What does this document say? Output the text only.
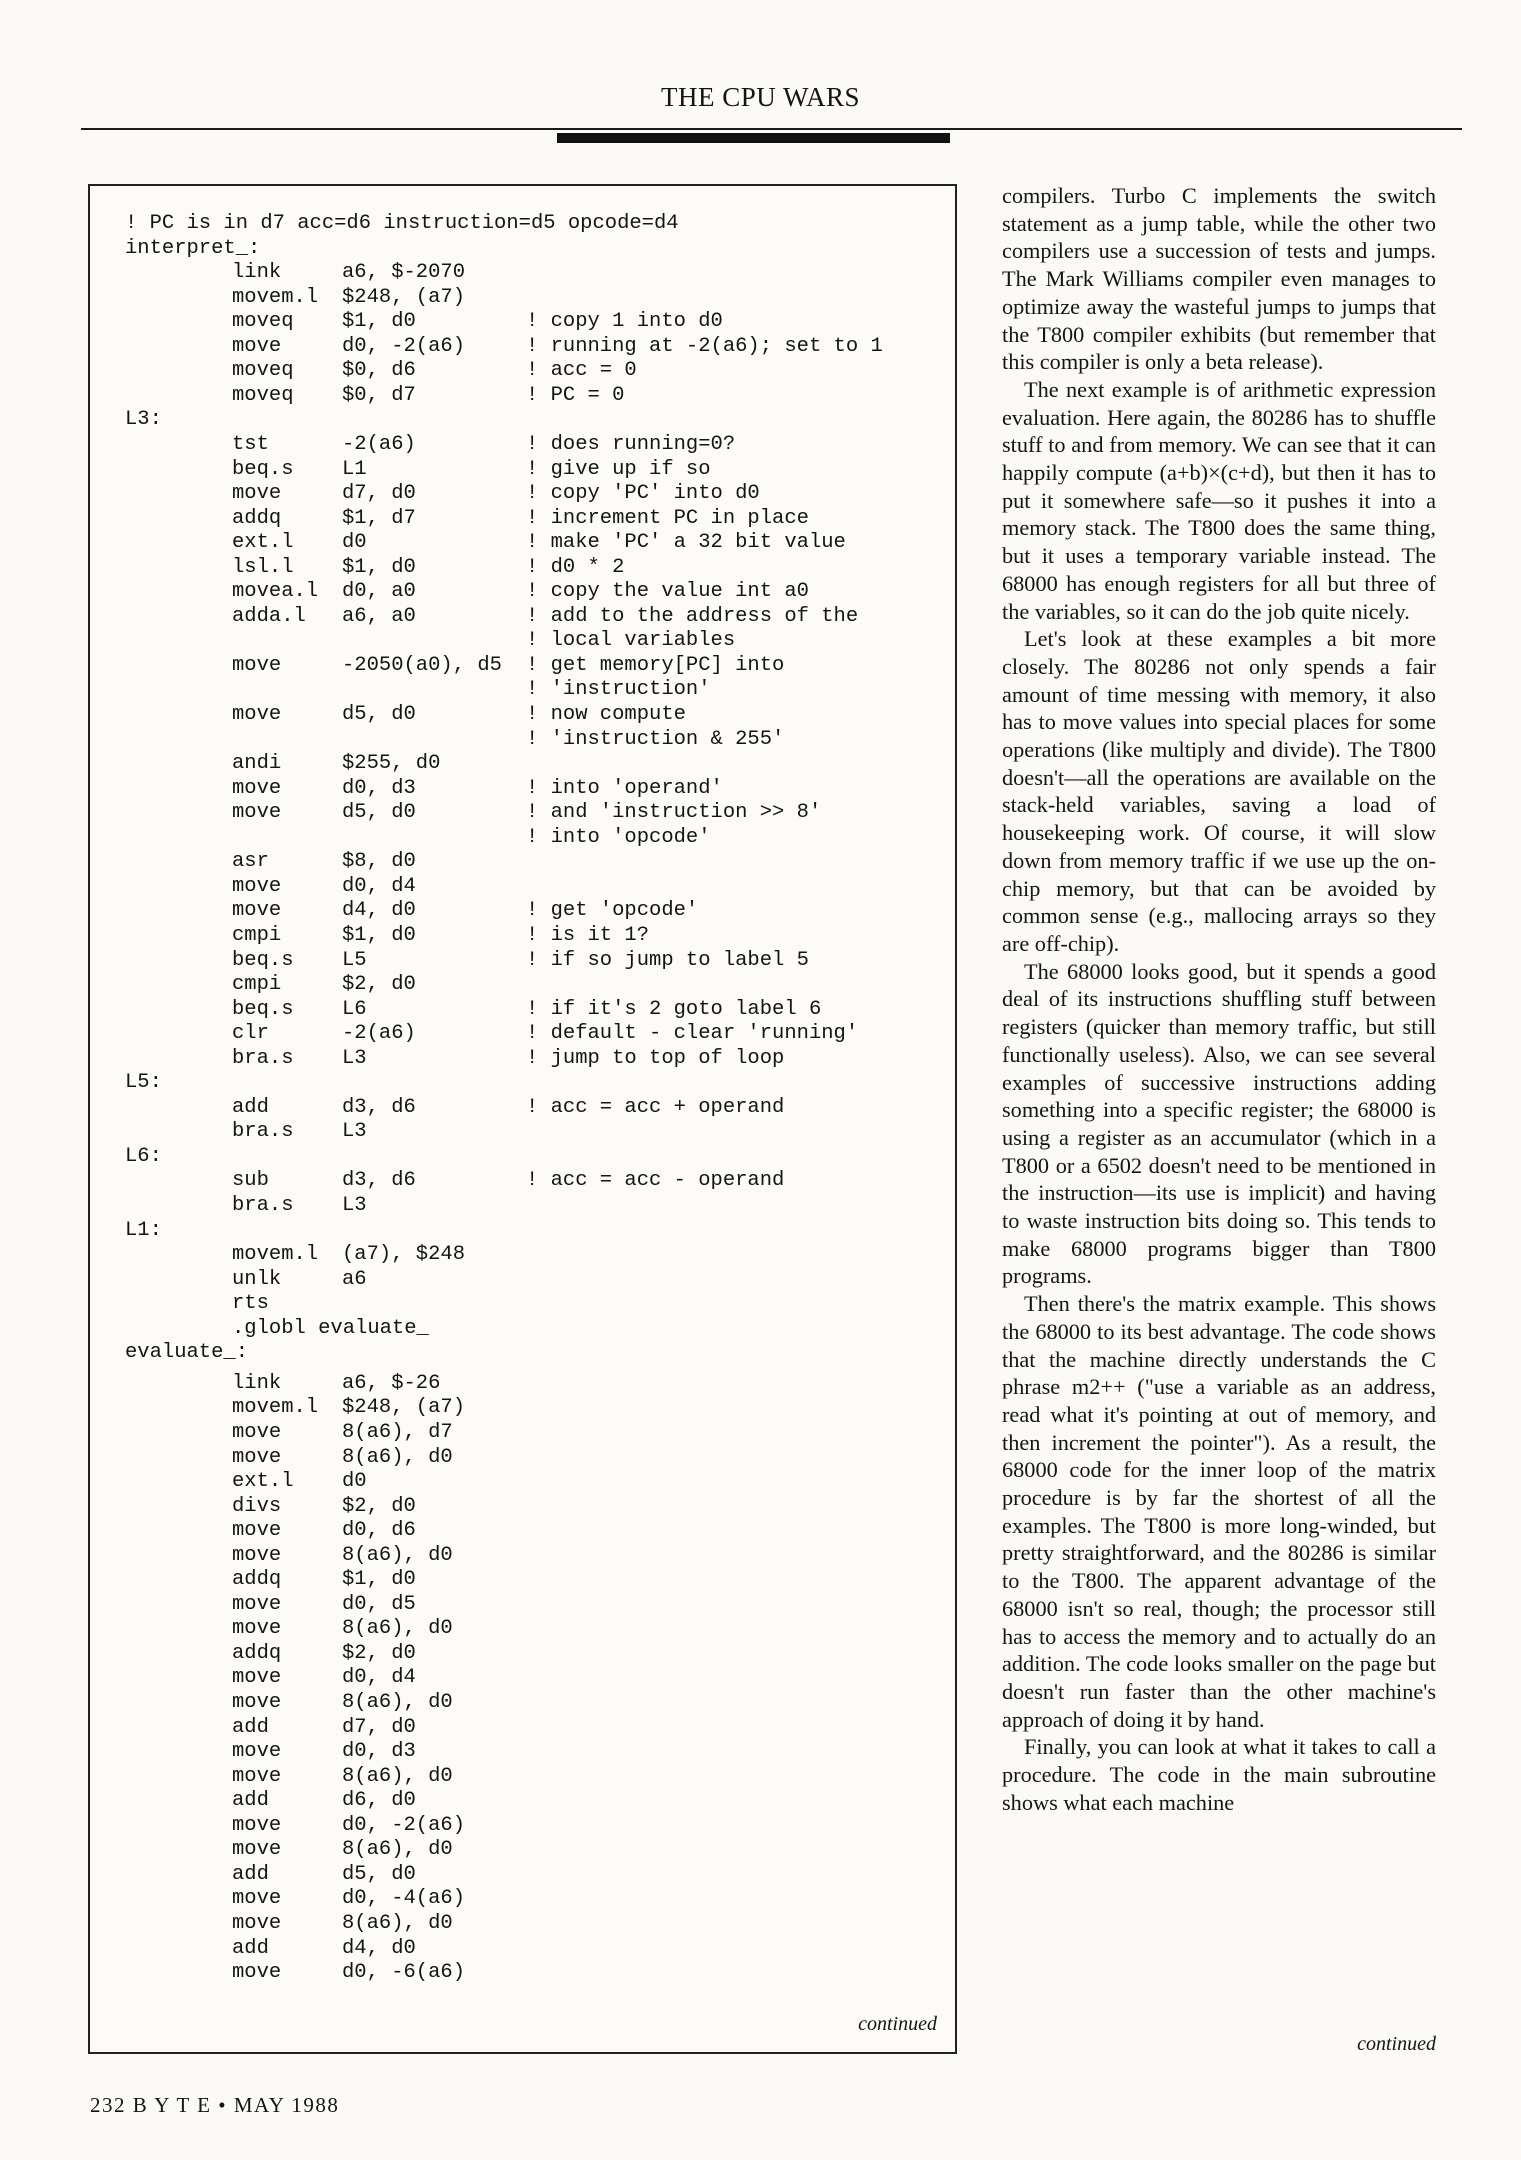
THE CPU WARS
! PC is in d7 acc=d6 instruction=d5 opcode=d4
interpret_:
link	a6, $-2070
movem.l $248, (a7)
moveq $1, d0	! copy 1 into d0
move	d0, -2(a6)	! running at -2(a6); set to 1
moveq $0, d6	! acc = 0
moveq $0, d7	! PC = 0
L3:
tst	-2(a6)	! does running=0?
beq.s L1	! give up if so
move	d7, d0	! copy 'PC' into d0
addq	$1, d7	! increment PC in place
ext.l d0	! make 'PC' a 32 bit value
lsl.l $1, d0	! d0 * 2
movea.l d0, a0	! copy the value int a0
adda.l a6, a0	! add to the address of the
! local variables
move	-2050(a0), d5 ! get memory[PC] into
! 'instruction'
move	d5, d0	! now compute
! 'instruction & 255'
andi	$255, d0
move	d0, d3	! into 'operand'
move	d5, d0	! and 'instruction >> 8'
! into 'opcode'
asr	$8, d0
move	d0, d4
move	d4, d0	! get 'opcode'
cmpi	$1, d0	! is it 1?
beq.s L5	! if so jump to label 5
cmpi	$2, d0
beq.s L6	! if it's 2 goto label 6
clr	-2(a6)	! default - clear 'running'
bra.s L3	! jump to top of loop
L5:
add	d3, d6	! acc = acc + operand
bra.s L3
L6:
sub	d3, d6	! acc = acc - operand
bra.s L3
L1:
movem.l (a7), $248
unlk	a6
rts
.globl evaluate_
evaluate_:
link	a6, $-26
movem.l $248, (a7)
move	8(a6), d7
move	8(a6), d0
ext.l d0
divs	$2, d0
move	d0, d6
move	8(a6), d0
addq	$1, d0
move	d0, d5
move	8(a6), d0
addq	$2, d0
move	d0, d4
move	8(a6), d0
add	d7, d0
move	d0, d3
move	8(a6), d0
add	d6, d0
move	d0, -2(a6)
move	8(a6), d0
add	d5, d0
move	d0, -4(a6)
move	8(a6), d0
add	d4, d0
move	d0, -6(a6)
continued

compilers. Turbo C implements the switch statement as a jump table, while the other two compilers use a succession of tests and jumps. The Mark Williams compiler even manages to optimize away the wasteful jumps to jumps that the T800 compiler exhibits (but remember that this compiler is only a beta release).

The next example is of arithmetic expression evaluation. Here again, the 80286 has to shuffle stuff to and from memory. We can see that it can happily compute (a+b)×(c+d), but then it has to put it somewhere safe—so it pushes it into a memory stack. The T800 does the same thing, but it uses a temporary variable instead. The 68000 has enough registers for all but three of the variables, so it can do the job quite nicely.

Let's look at these examples a bit more closely. The 80286 not only spends a fair amount of time messing with memory, it also has to move values into special places for some operations (like multiply and divide). The T800 doesn't—all the operations are available on the stack-held variables, saving a load of housekeeping work. Of course, it will slow down from memory traffic if we use up the on-chip memory, but that can be avoided by common sense (e.g., mallocing arrays so they are off-chip).

The 68000 looks good, but it spends a good deal of its instructions shuffling stuff between registers (quicker than memory traffic, but still functionally useless). Also, we can see several examples of successive instructions adding something into a specific register; the 68000 is using a register as an accumulator (which in a T800 or a 6502 doesn't need to be mentioned in the instruction—its use is implicit) and having to waste instruction bits doing so. This tends to make 68000 programs bigger than T800 programs.

Then there's the matrix example. This shows the 68000 to its best advantage. The code shows that the machine directly understands the C phrase m2++ ("use a variable as an address, read what it's pointing at out of memory, and then increment the pointer"). As a result, the 68000 code for the inner loop of the matrix procedure is by far the shortest of all the examples. The T800 is more long-winded, but pretty straightforward, and the 80286 is similar to the T800. The apparent advantage of the 68000 isn't so real, though; the processor still has to access the memory and to actually do an addition. The code looks smaller on the page but doesn't run faster than the other machine's approach of doing it by hand.

Finally, you can look at what it takes to call a procedure. The code in the main subroutine shows what each machine

continued
232 B Y T E • MAY 1988
